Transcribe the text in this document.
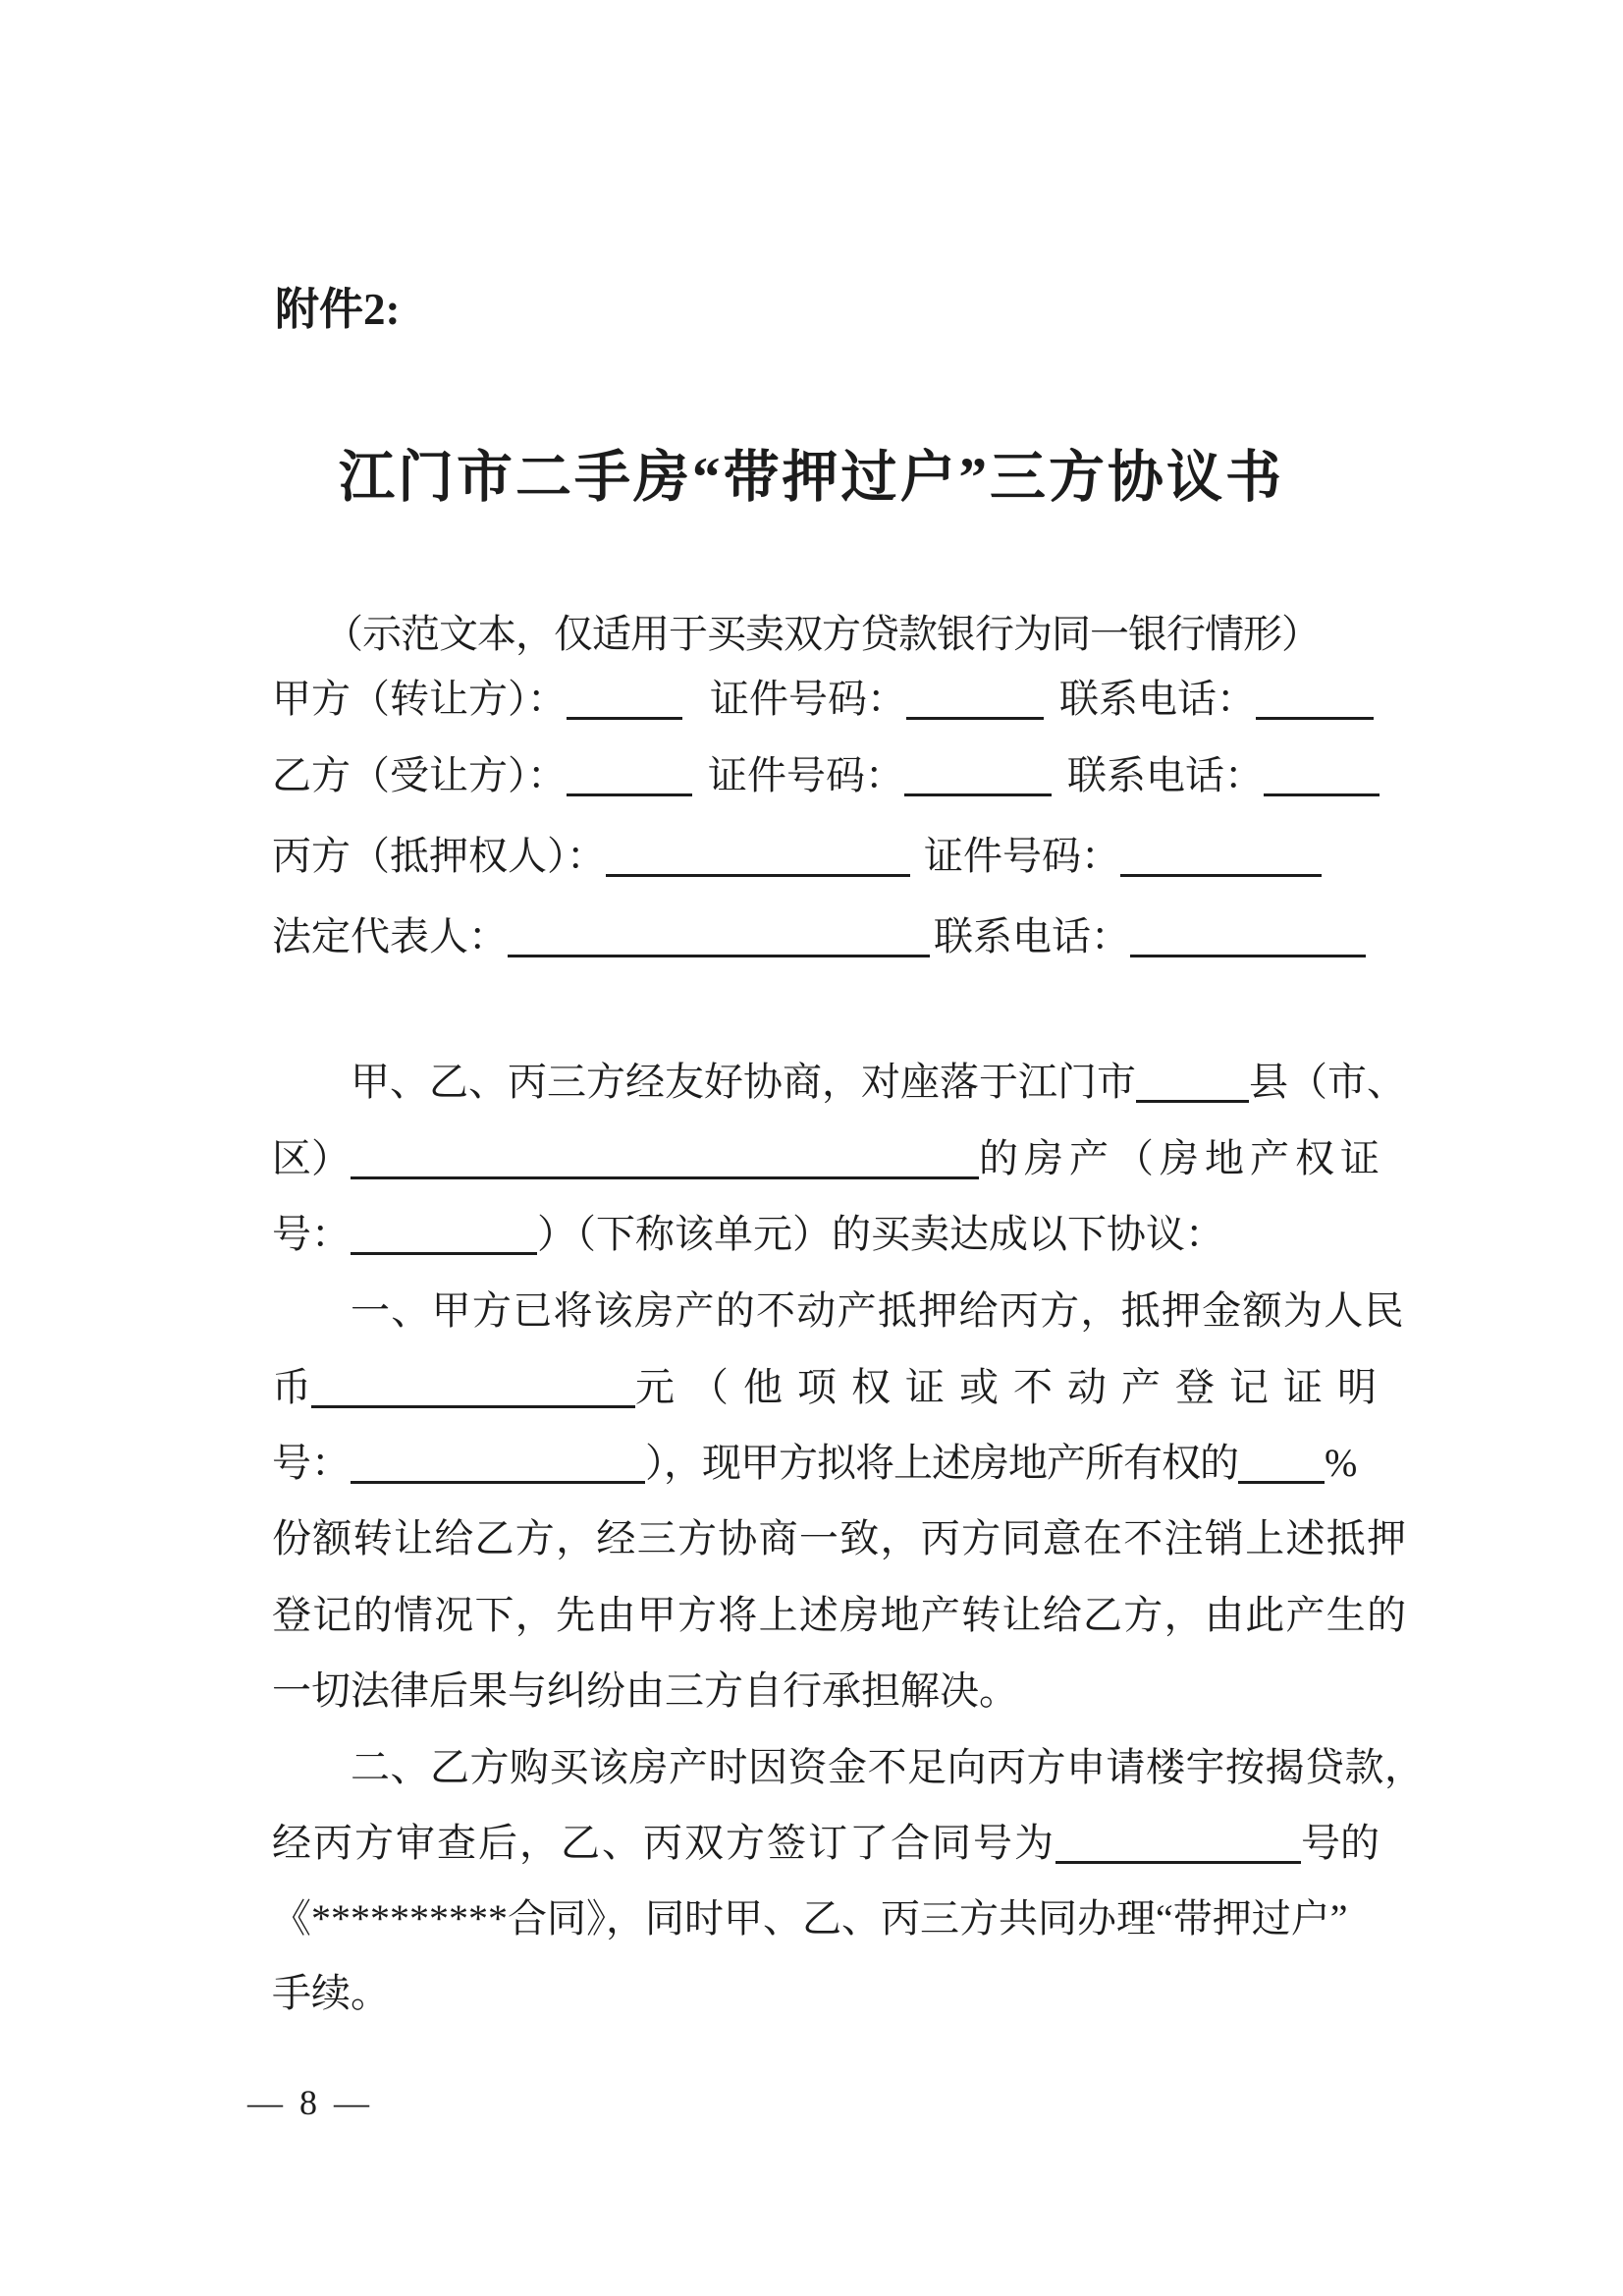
附件2:
江门市二手房“带押过户”三方协议书
（示范文本，仅适用于买卖双方贷款银行为同一银行情形）
甲方（转让方）：	证件号码：	联系电话：
乙方（受让方）：	证件号码：	联系电话：
丙方（抵押权人）：	证件号码：
法定代表人：	联系电话：
甲、乙、丙三方经友好协商，对座落于江门市	县（市、
区）	的房产（房地产权证
号：	）（下称该单元）的买卖达成以下协议：
一、甲方已将该房产的不动产抵押给丙方，抵押金额为人民
币	元（他项权证或不动产登记证明
号：	），现甲方拟将上述房地产所有权的 %
份额转让给乙方，经三方协商一致，丙方同意在不注销上述抵押
登记的情况下，先由甲方将上述房地产转让给乙方，由此产生的
一切法律后果与纠纷由三方自行承担解决。
二、乙方购买该房产时因资金不足向丙方申请楼宇按揭贷款，
经丙方审查后，乙、丙双方签订了合同号为	号的
《**********合同》，同时甲、乙、丙三方共同办理“带押过户”
手续。
— 8 —
